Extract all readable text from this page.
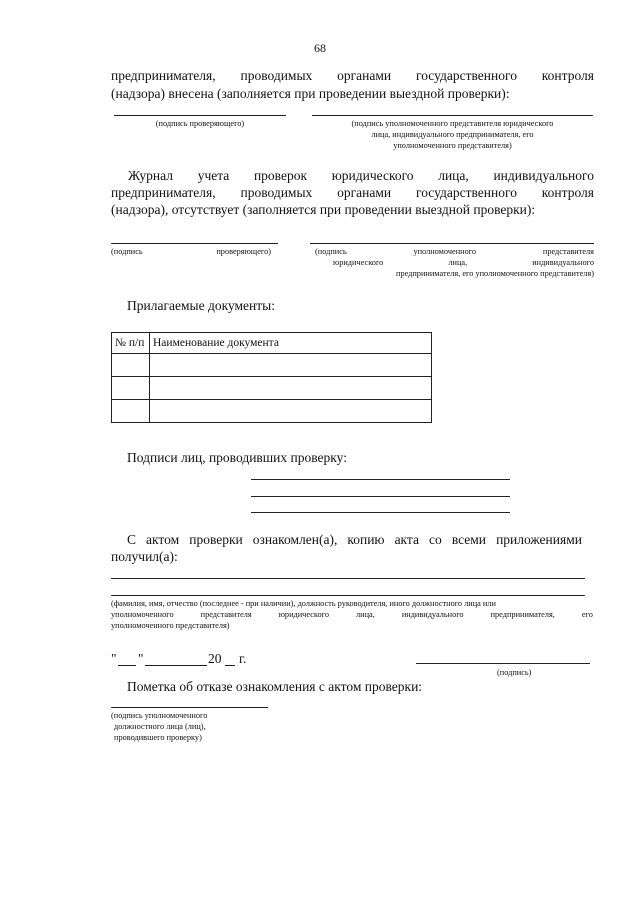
68
предпринимателя, проводимых органами государственного контроля
(надзора) внесена (заполняется при проведении выездной проверки):
(подпись проверяющего)	(подпись уполномоченного представителя юридического
лица, индивидуального предпринимателя, его
уполномоченного представителя)
Журнал учета проверок юридического лица, индивидуального
предпринимателя, проводимых органами государственного контроля
(надзора), отсутствует (заполняется при проведении выездной проверки):
(подпись	проверяющего)	(подпись	уполномоченного	представителя
юридического	лица,	индивидуального
предпринимателя, его уполномоченного представителя)
Прилагаемые документы:
№ п/п	Наименование документа

Подписи лиц, проводивших проверку:
С актом проверки ознакомлен(а), копию акта со всеми приложениями
получил(а):
(фамилия, имя, отчество (последнее - при наличии), должность руководителя, иного должностного лица или
уполномоченного	представителя	юридического	лица,	индивидуального	предпринимателя,	его
уполномоченного представителя)
" "	20 г.
(подпись)
Пометка об отказе ознакомления с актом проверки:
(подпись уполномоченного
должностного лица (лиц),
проводившего проверку)
